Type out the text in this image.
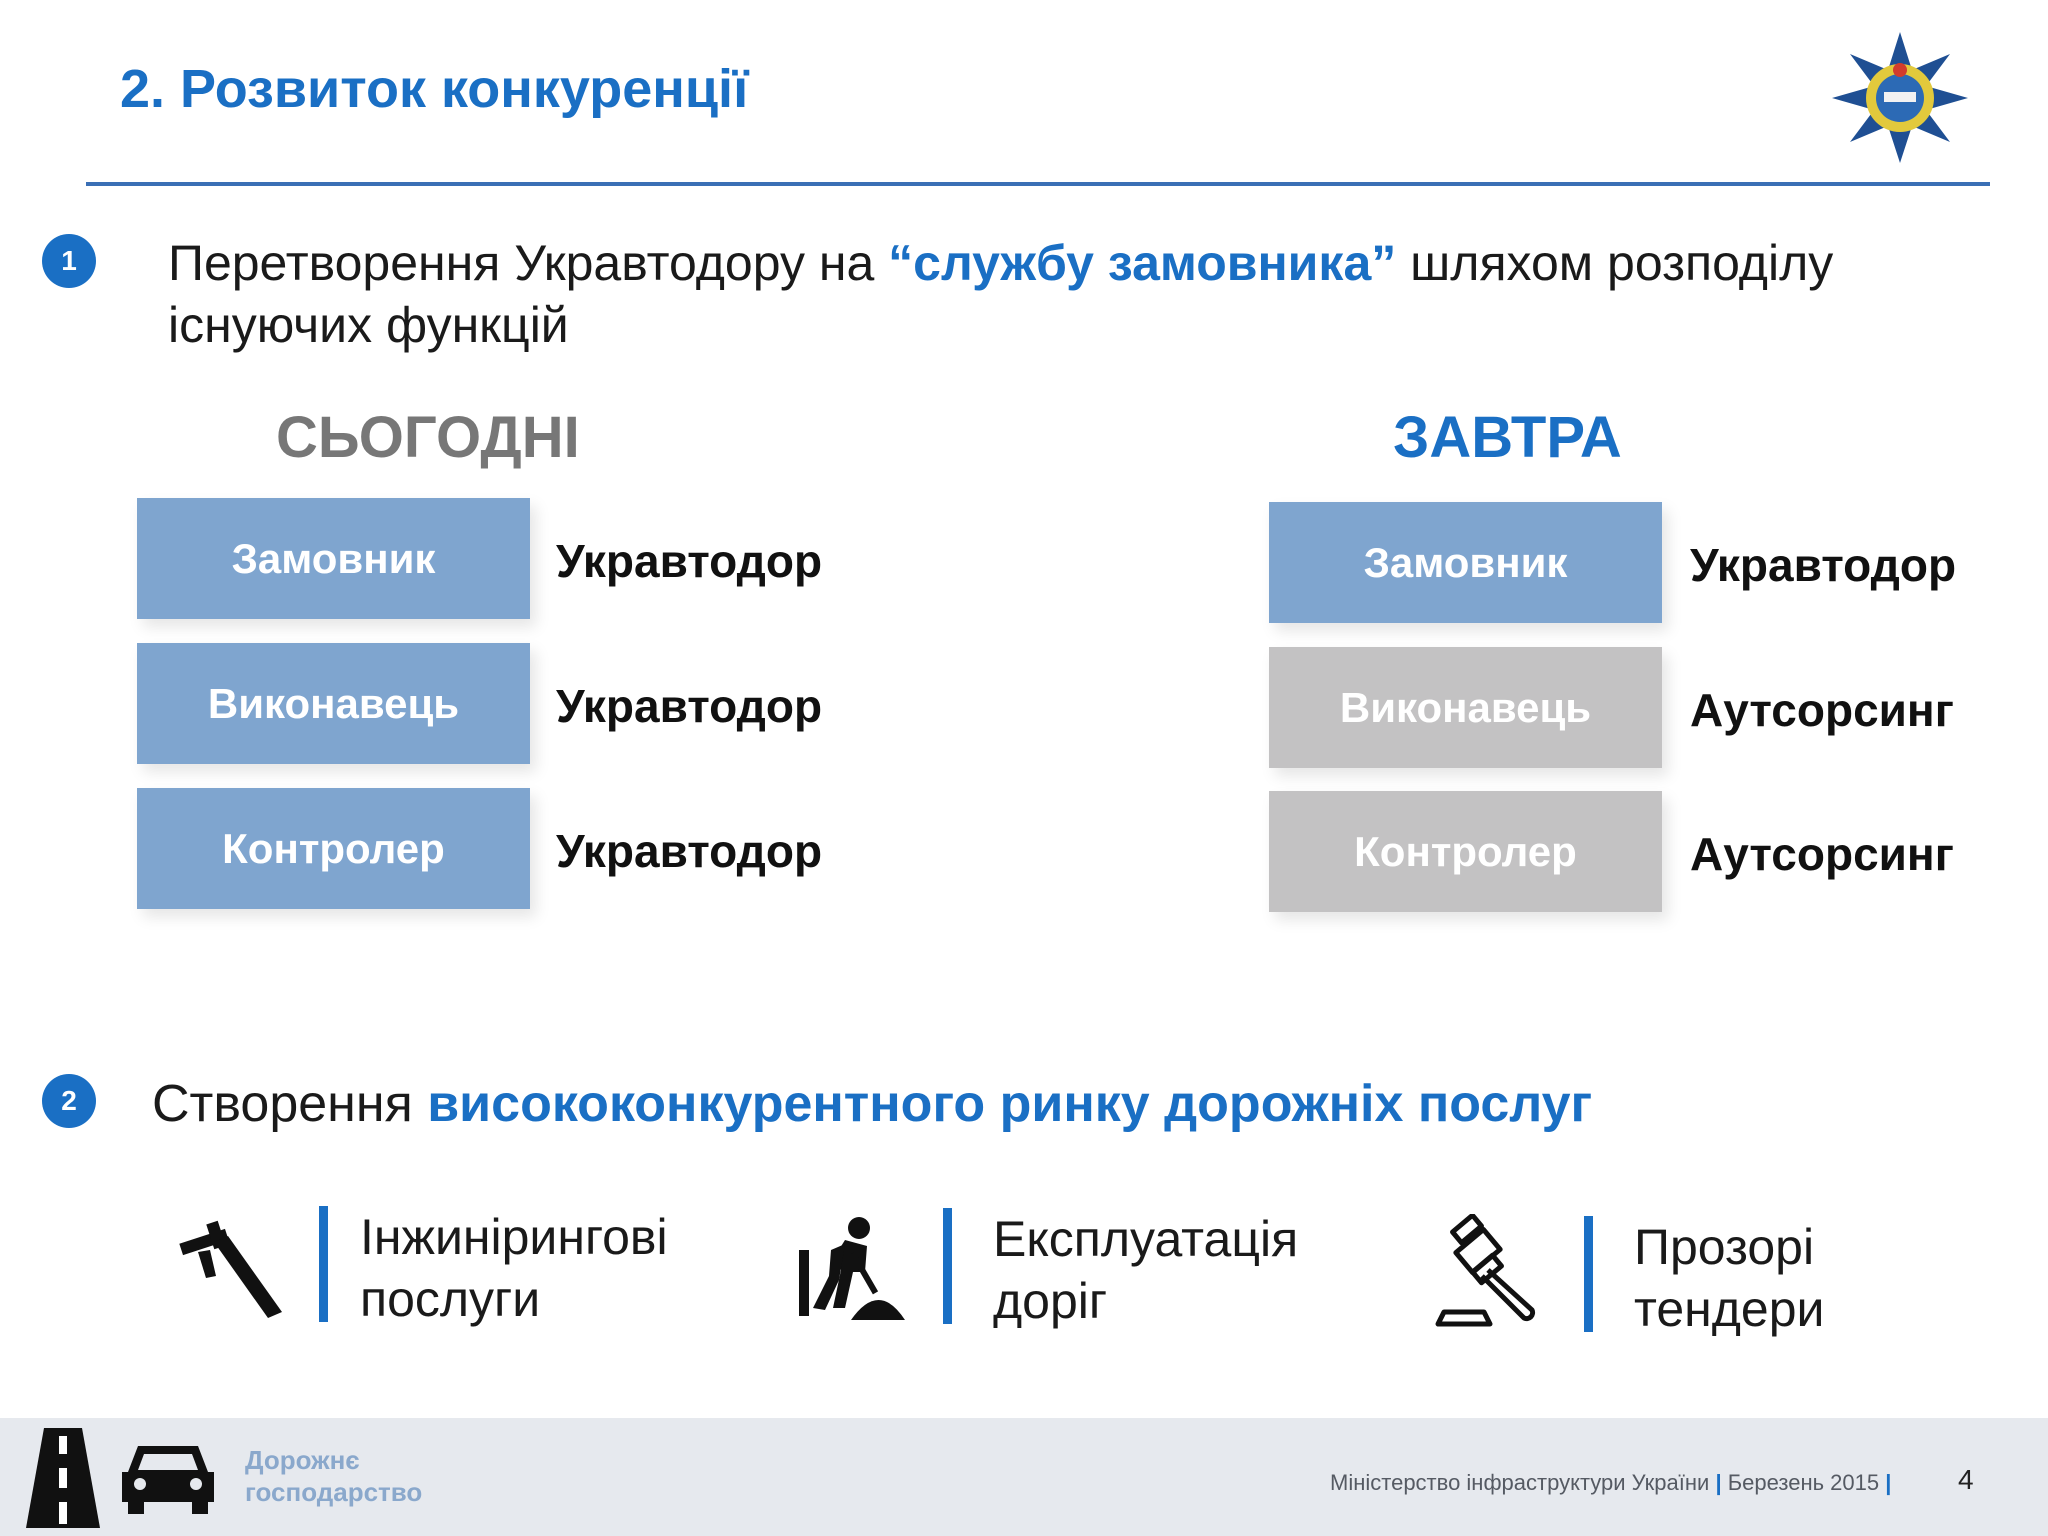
2. Розвиток конкуренції
1	Перетворення Укравтодору на “службу замовника” шляхом розподілу існуючих функцій
СЬОГОДНІ
Замовник	Укравтодор
Виконавець	Укравтодор
Контролер	Укравтодор
ЗАВТРА
Замовник	Укравтодор
Виконавець	Аутсорсинг
Контролер	Аутсорсинг
2	Створення висококонкурентного ринку дорожніх послуг
Інжинірингові
послуги
Експлуатація
доріг
Прозорі
тендери
Дорожнє
господарство	Міністерство інфраструктури України | Березень 2015 | 4
